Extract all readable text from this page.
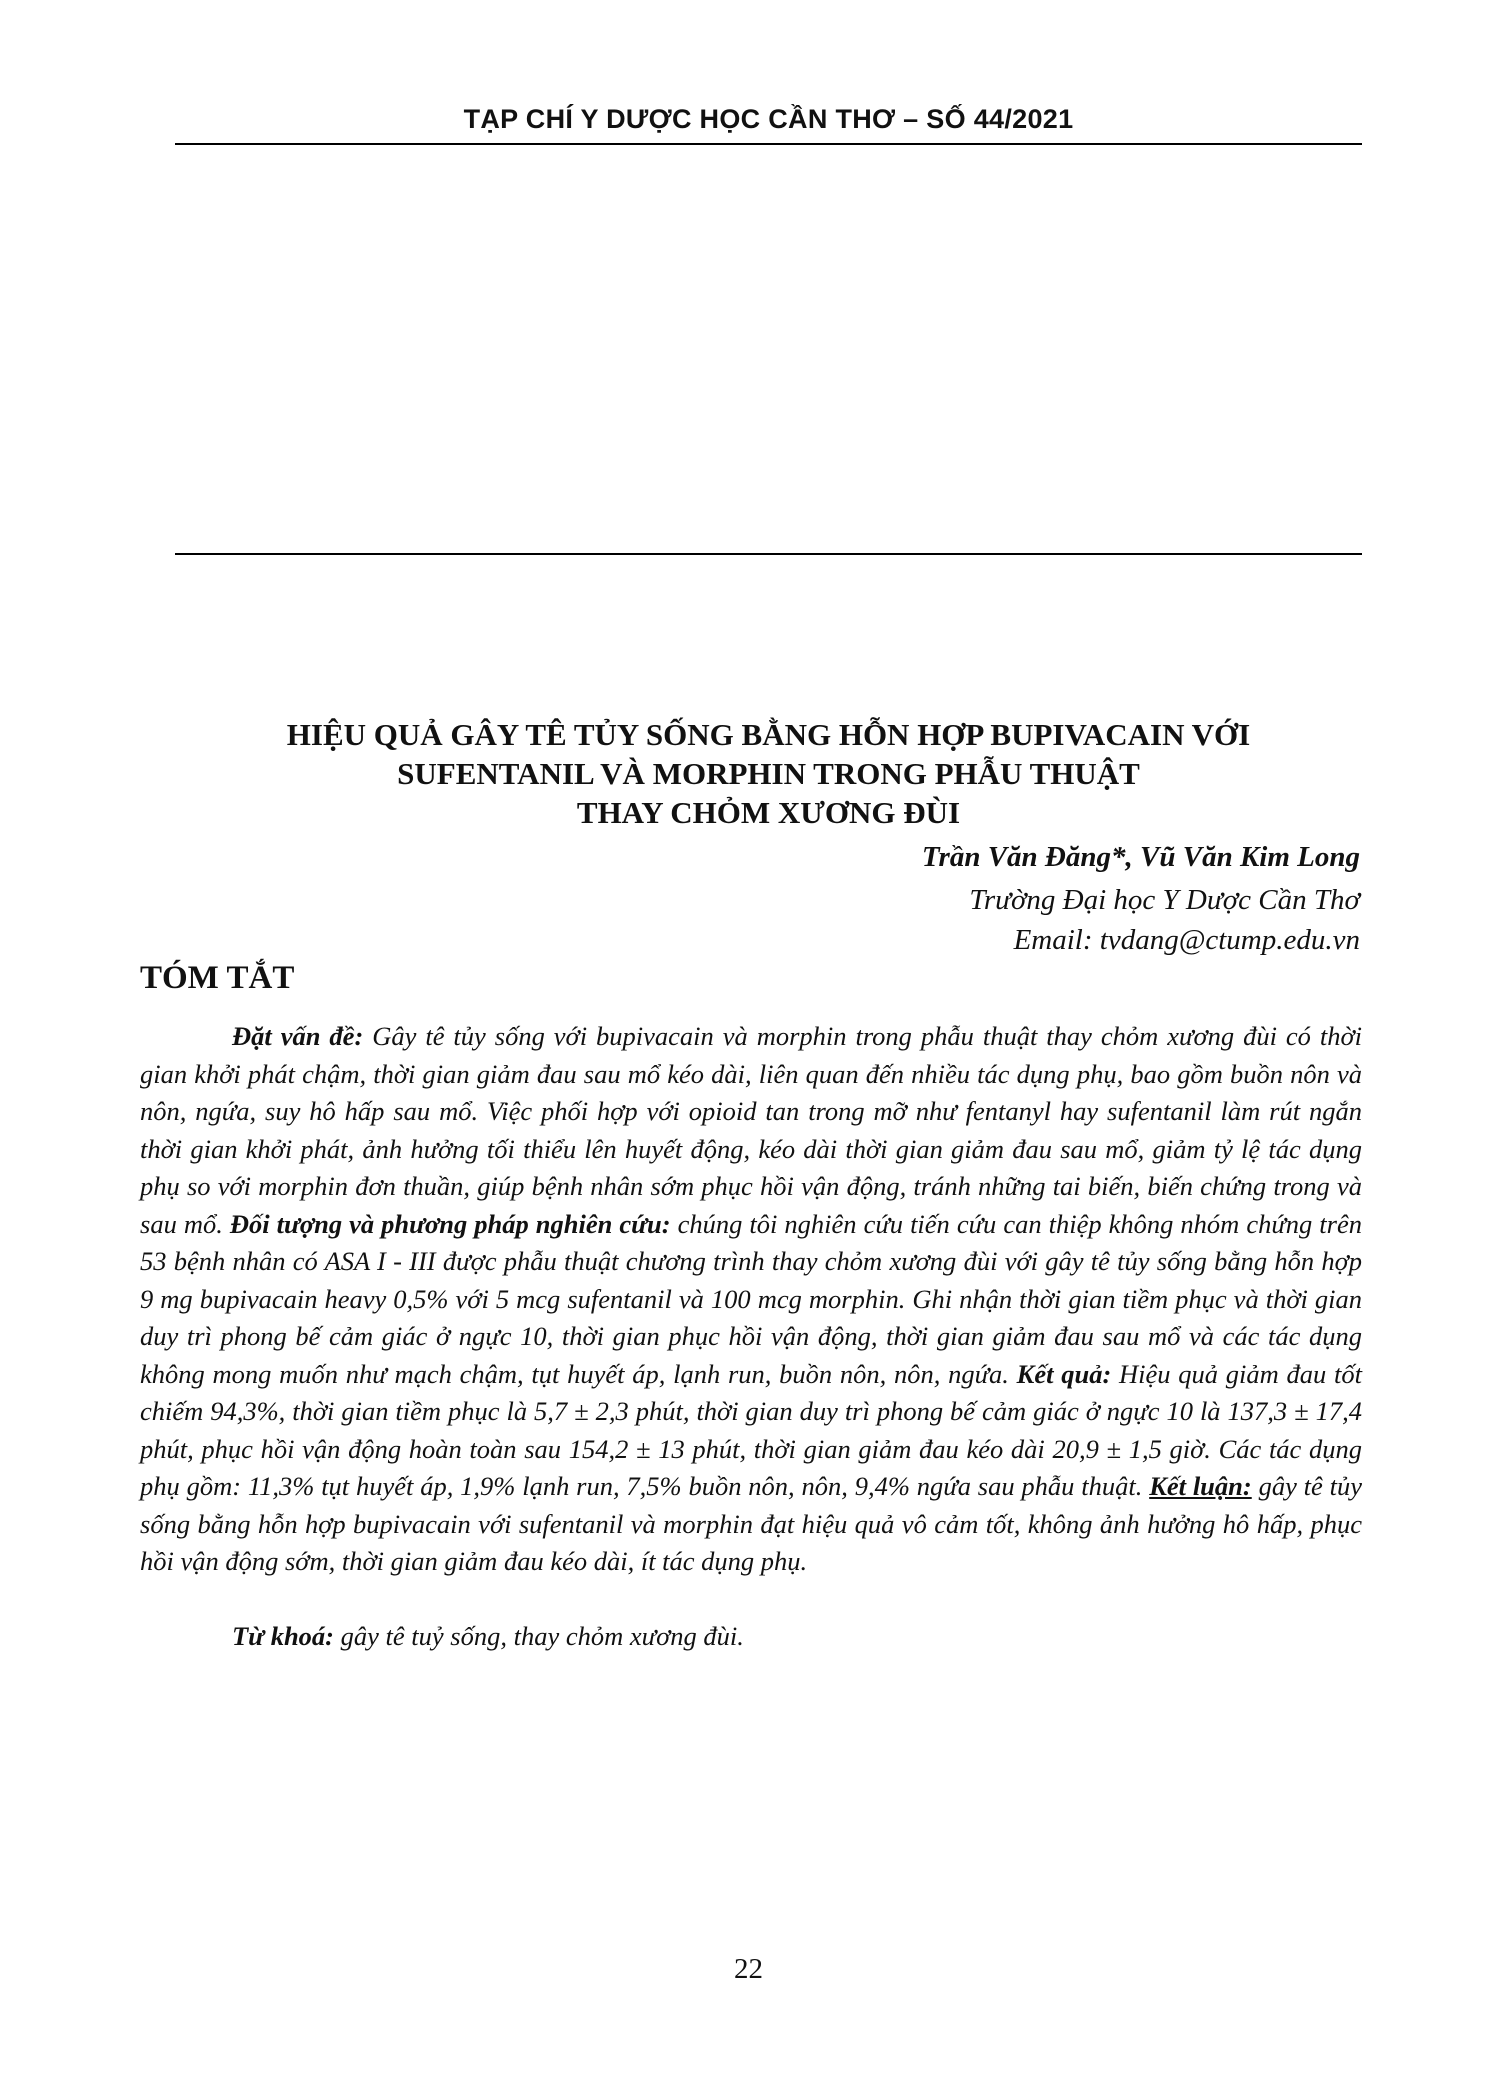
TẠP CHÍ Y DƯỢC HỌC CẦN THƠ – SỐ 44/2021
HIỆU QUẢ GÂY TÊ TỦY SỐNG BẰNG HỖN HỢP BUPIVACAIN VỚI
SUFENTANIL VÀ MORPHIN TRONG PHẪU THUẬT
THAY CHỎM XƯƠNG ĐÙI
Trần Văn Đăng*, Vũ Văn Kim Long
Trường Đại học Y Dược Cần Thơ
Email: tvdang@ctump.edu.vn
TÓM TẮT

Đặt vấn đề: Gây tê tủy sống với bupivacain và morphin trong phẫu thuật thay chỏm xương đùi có thời gian khởi phát chậm, thời gian giảm đau sau mổ kéo dài, liên quan đến nhiều tác dụng phụ, bao gồm buồn nôn và nôn, ngứa, suy hô hấp sau mổ. Việc phối hợp với opioid tan trong mỡ như fentanyl hay sufentanil làm rút ngắn thời gian khởi phát, ảnh hưởng tối thiểu lên huyết động, kéo dài thời gian giảm đau sau mổ, giảm tỷ lệ tác dụng phụ so với morphin đơn thuần, giúp bệnh nhân sớm phục hồi vận động, tránh những tai biến, biến chứng trong và sau mổ. Đối tượng và phương pháp nghiên cứu: chúng tôi nghiên cứu tiến cứu can thiệp không nhóm chứng trên 53 bệnh nhân có ASA I - III được phẫu thuật chương trình thay chỏm xương đùi với gây tê tủy sống bằng hỗn hợp 9 mg bupivacain heavy 0,5% với 5 mcg sufentanil và 100 mcg morphin. Ghi nhận thời gian tiềm phục và thời gian duy trì phong bế cảm giác ở ngực 10, thời gian phục hồi vận động, thời gian giảm đau sau mổ và các tác dụng không mong muốn như mạch chậm, tụt huyết áp, lạnh run, buồn nôn, nôn, ngứa. Kết quả: Hiệu quả giảm đau tốt chiếm 94,3%, thời gian tiềm phục là 5,7 ± 2,3 phút, thời gian duy trì phong bế cảm giác ở ngực 10 là 137,3 ± 17,4 phút, phục hồi vận động hoàn toàn sau 154,2 ± 13 phút, thời gian giảm đau kéo dài 20,9 ± 1,5 giờ. Các tác dụng phụ gồm: 11,3% tụt huyết áp, 1,9% lạnh run, 7,5% buồn nôn, nôn, 9,4% ngứa sau phẫu thuật. Kết luận: gây tê tủy sống bằng hỗn hợp bupivacain với sufentanil và morphin đạt hiệu quả vô cảm tốt, không ảnh hưởng hô hấp, phục hồi vận động sớm, thời gian giảm đau kéo dài, ít tác dụng phụ.

Từ khoá: gây tê tuỷ sống, thay chỏm xương đùi.

22
